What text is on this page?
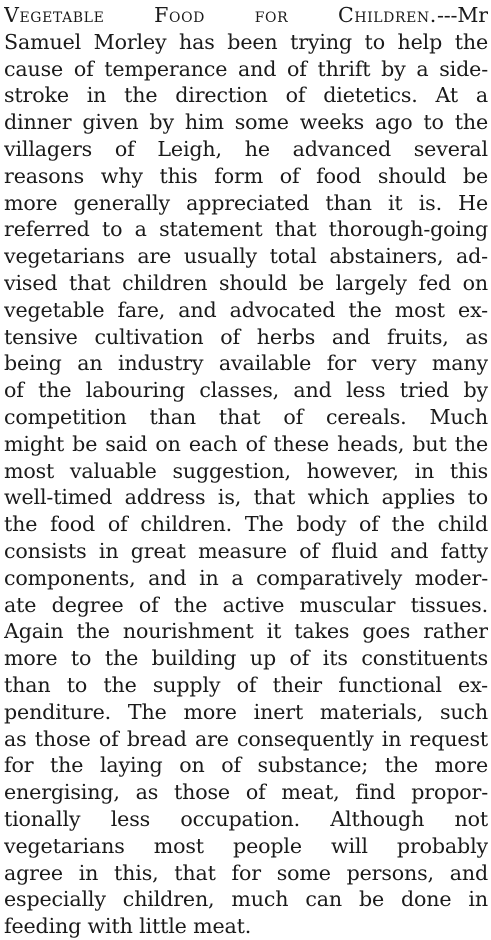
Vegetable Food for Children.---Mr
Samuel Morley has been trying to help the
cause of temperance and of thrift by a side-
stroke in the direction of dietetics. At a
dinner given by him some weeks ago to the
villagers of Leigh, he advanced several
reasons why this form of food should be
more generally appreciated than it is. He
referred to a statement that thorough-going
vegetarians are usually total abstainers, ad-
vised that children should be largely fed on
vegetable fare, and advocated the most ex-
tensive cultivation of herbs and fruits, as
being an industry available for very many
of the labouring classes, and less tried by
competition than that of cereals. Much
might be said on each of these heads, but the
most valuable suggestion, however, in this
well-timed address is, that which applies to
the food of children. The body of the child
consists in great measure of fluid and fatty
components, and in a comparatively moder-
ate degree of the active muscular tissues.
Again the nourishment it takes goes rather
more to the building up of its constituents
than to the supply of their functional ex-
penditure. The more inert materials, such
as those of bread are consequently in request
for the laying on of substance; the more
energising, as those of meat, find propor-
tionally less occupation. Although not
vegetarians most people will probably
agree in this, that for some persons, and
especially children, much can be done in
feeding with little meat.
